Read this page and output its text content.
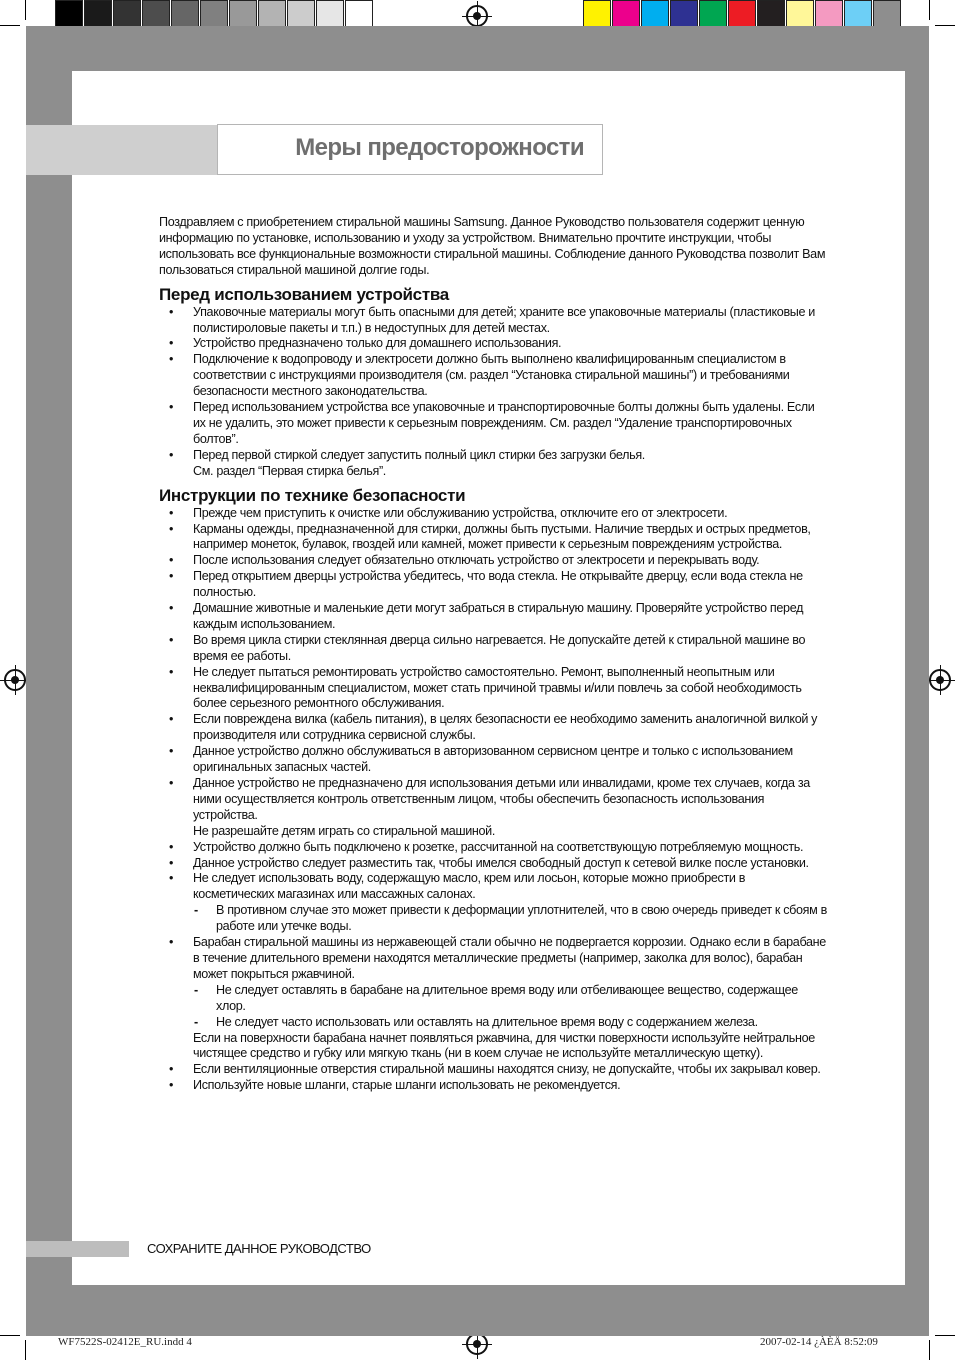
Меры предосторожности

Поздравляем с приобретением стиральной машины Samsung. Данное Руководство пользователя содержит ценную информацию по установке, использованию и уходу за устройством. Внимательно прочтите инструкции, чтобы использовать все функциональные возможности стиральной машины. Соблюдение данного Руководства позволит Вам пользоваться стиральной машиной долгие годы.

Перед использованием устройства
• Упаковочные материалы могут быть опасными для детей; храните все упаковочные материалы (пластиковые и полистироловые пакеты и т.п.) в недоступных для детей местах.
• Устройство предназначено только для домашнего использования.
• Подключение к водопроводу и электросети должно быть выполнено квалифицированным специалистом в соответствии с инструкциями производителя (см. раздел “Установка стиральной машины”) и требованиями безопасности местного законодательства.
• Перед использованием устройства все упаковочные и транспортировочные болты должны быть удалены. Если их не удалить, это может привести к серьезным повреждениям. См. раздел “Удаление транспортировочных болтов”.
• Перед первой стиркой следует запустить полный цикл стирки без загрузки белья.
См. раздел “Первая стирка белья”.
Инструкции по технике безопасности
• Прежде чем приступить к очистке или обслуживанию устройства, отключите его от электросети.
• Карманы одежды, предназначенной для стирки, должны быть пустыми. Наличие твердых и острых предметов, например монеток, булавок, гвоздей или камней, может привести к серьезным повреждениям устройства.
• После использования следует обязательно отключать устройство от электросети и перекрывать воду.
• Перед открытием дверцы устройства убедитесь, что вода стекла. Не открывайте дверцу, если вода стекла не полностью.
• Домашние животные и маленькие дети могут забраться в стиральную машину. Проверяйте устройство перед каждым использованием.
• Во время цикла стирки стеклянная дверца сильно нагревается. Не допускайте детей к стиральной машине во время ее работы.
• Не следует пытаться ремонтировать устройство самостоятельно. Ремонт, выполненный неопытным или неквалифицированным специалистом, может стать причиной травмы и/или повлечь за собой необходимость более серьезного ремонтного обслуживания.
• Если повреждена вилка (кабель питания), в целях безопасности ее необходимо заменить аналогичной вилкой у производителя или сотрудника сервисной службы.
• Данное устройство должно обслуживаться в авторизованном сервисном центре и только с использованием оригинальных запасных частей.
• Данное устройство не предназначено для использования детьми или инвалидами, кроме тех случаев, когда за ними осуществляется контроль ответственным лицом, чтобы обеспечить безопасность использования устройства.
Не разрешайте детям играть со стиральной машиной.
• Устройство должно быть подключено к розетке, рассчитанной на соответствующую потребляемую мощность.
• Данное устройство следует разместить так, чтобы имелся свободный доступ к сетевой вилке после установки.
• Не следует использовать воду, содержащую масло, крем или лосьон, которые можно приобрести в косметических магазинах или массажных салонах.
- В противном случае это может привести к деформации уплотнителей, что в свою очередь приведет к сбоям в работе или утечке воды.
• Барабан стиральной машины из нержавеющей стали обычно не подвергается коррозии. Однако если в барабане в течение длительного времени находятся металлические предметы (например, заколка для волос), барабан может покрыться ржавчиной.
- Не следует оставлять в барабане на длительное время воду или отбеливающее вещество, содержащее хлор.
- Не следует часто использовать или оставлять на длительное время воду с содержанием железа.
Если на поверхности барабана начнет появляться ржавчина, для чистки поверхности используйте нейтральное чистящее средство и губку или мягкую ткань (ни в коем случае не используйте металлическую щетку).
• Если вентиляционные отверстия стиральной машины находятся снизу, не допускайте, чтобы их закрывал ковер.
• Используйте новые шланги, старые шланги использовать не рекомендуется.
СОХРАНИТЕ ДАННОЕ РУКОВОДСТВО
WF7522S-02412E_RU.indd 4	2007-02-14 ¿ÀÈÄ 8:52:09
